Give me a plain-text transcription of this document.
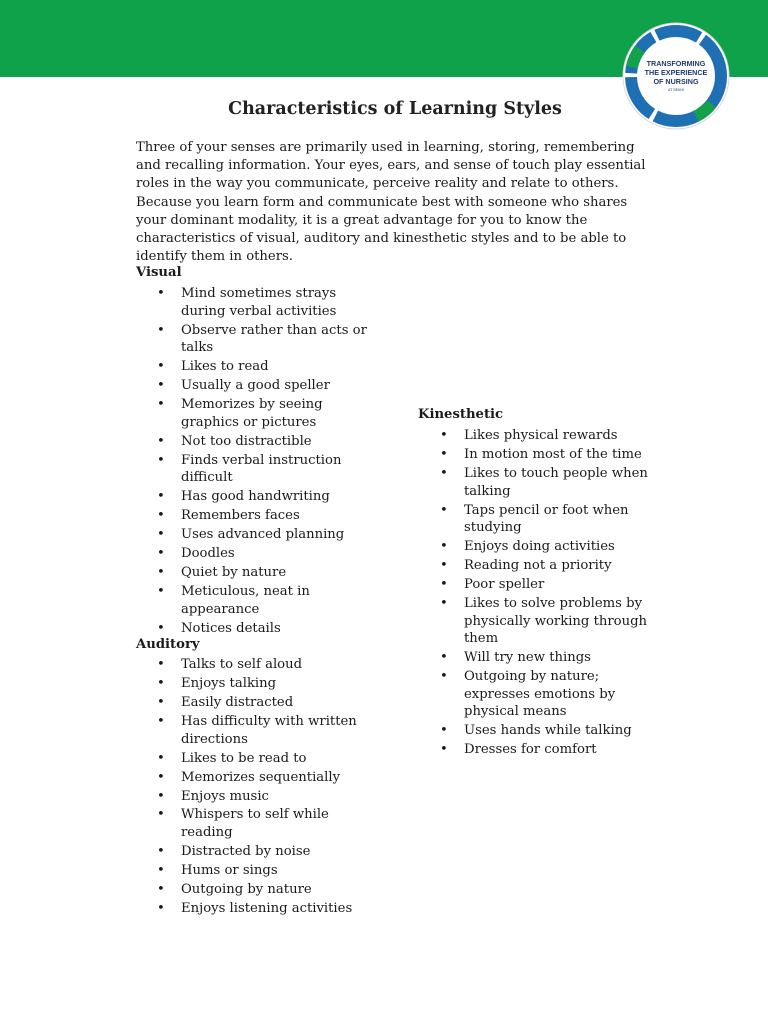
TRANSFORMING
THE EXPERIENCE
OF NURSING
AT SEKHI
Characteristics of Learning Styles

Three of your senses are primarily used in learning, storing, remembering and recalling information. Your eyes, ears, and sense of touch play essential roles in the way you communicate, perceive reality and relate to others. Because you learn form and communicate best with someone who shares your dominant modality, it is a great advantage for you to know the characteristics of visual, auditory and kinesthetic styles and to be able to identify them in others.

Visual
• Mind sometimes strays during verbal activities
• Observe rather than acts or talks
• Likes to read
• Usually a good speller
• Memorizes by seeing graphics or pictures
• Not too distractible
• Finds verbal instruction difficult
• Has good handwriting
• Remembers faces
• Uses advanced planning
• Doodles
• Quiet by nature
• Meticulous, neat in appearance
• Notices details
Auditory
• Talks to self aloud
• Enjoys talking
• Easily distracted
• Has difficulty with written directions
• Likes to be read to
• Memorizes sequentially
• Enjoys music
• Whispers to self while reading
• Distracted by noise
• Hums or sings
• Outgoing by nature
• Enjoys listening activities
Kinesthetic
• Likes physical rewards
• In motion most of the time
• Likes to touch people when talking
• Taps pencil or foot when studying
• Enjoys doing activities
• Reading not a priority
• Poor speller
• Likes to solve problems by physically working through them
• Will try new things
• Outgoing by nature; expresses emotions by physical means
• Uses hands while talking
• Dresses for comfort
